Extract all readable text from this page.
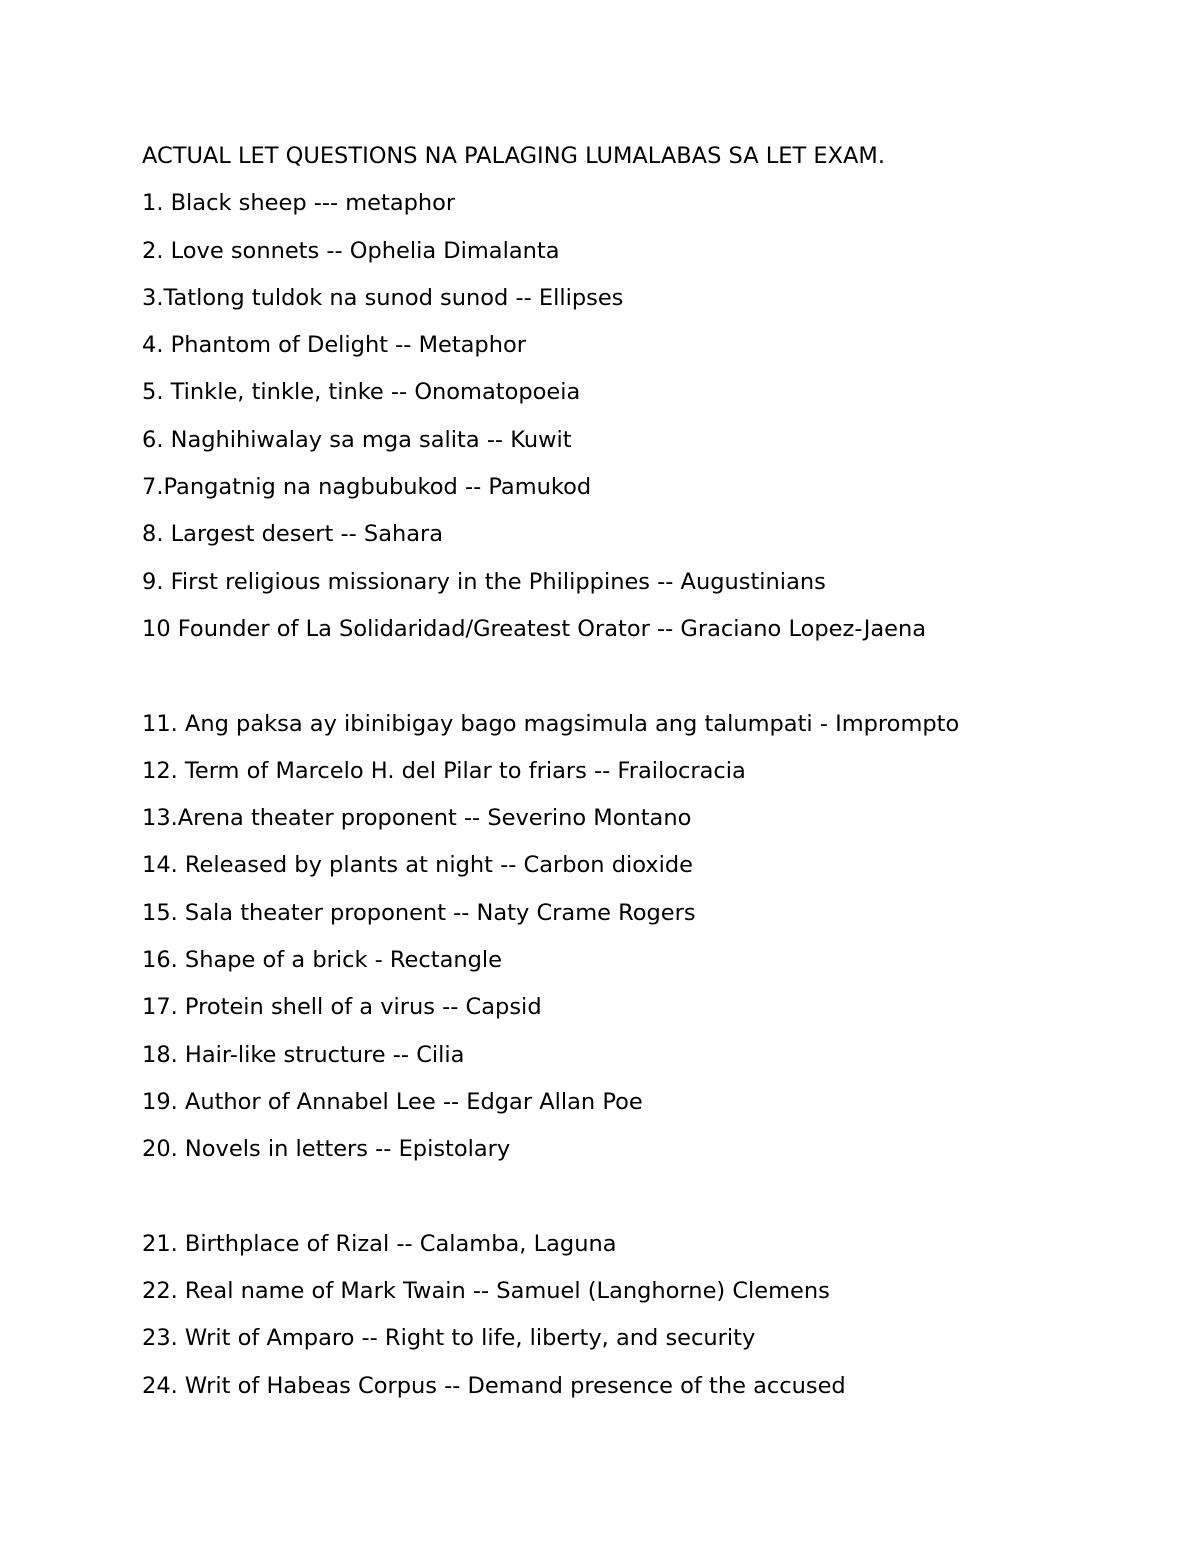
ACTUAL LET QUESTIONS NA PALAGING LUMALABAS SA LET EXAM.
1. Black sheep --- metaphor
2. Love sonnets -- Ophelia Dimalanta
3.Tatlong tuldok na sunod sunod -- Ellipses
4. Phantom of Delight -- Metaphor
5. Tinkle, tinkle, tinke -- Onomatopoeia
6. Naghihiwalay sa mga salita -- Kuwit
7.Pangatnig na nagbubukod -- Pamukod
8. Largest desert -- Sahara
9. First religious missionary in the Philippines -- Augustinians
10 Founder of La Solidaridad/Greatest Orator -- Graciano Lopez-Jaena
11. Ang paksa ay ibinibigay bago magsimula ang talumpati - Imprompto
12. Term of Marcelo H. del Pilar to friars -- Frailocracia
13.Arena theater proponent -- Severino Montano
14. Released by plants at night -- Carbon dioxide
15. Sala theater proponent -- Naty Crame Rogers
16. Shape of a brick - Rectangle
17. Protein shell of a virus -- Capsid
18. Hair-like structure -- Cilia
19. Author of Annabel Lee -- Edgar Allan Poe
20. Novels in letters -- Epistolary
21. Birthplace of Rizal -- Calamba, Laguna
22. Real name of Mark Twain -- Samuel (Langhorne) Clemens
23. Writ of Amparo -- Right to life, liberty, and security
24. Writ of Habeas Corpus -- Demand presence of the accused
